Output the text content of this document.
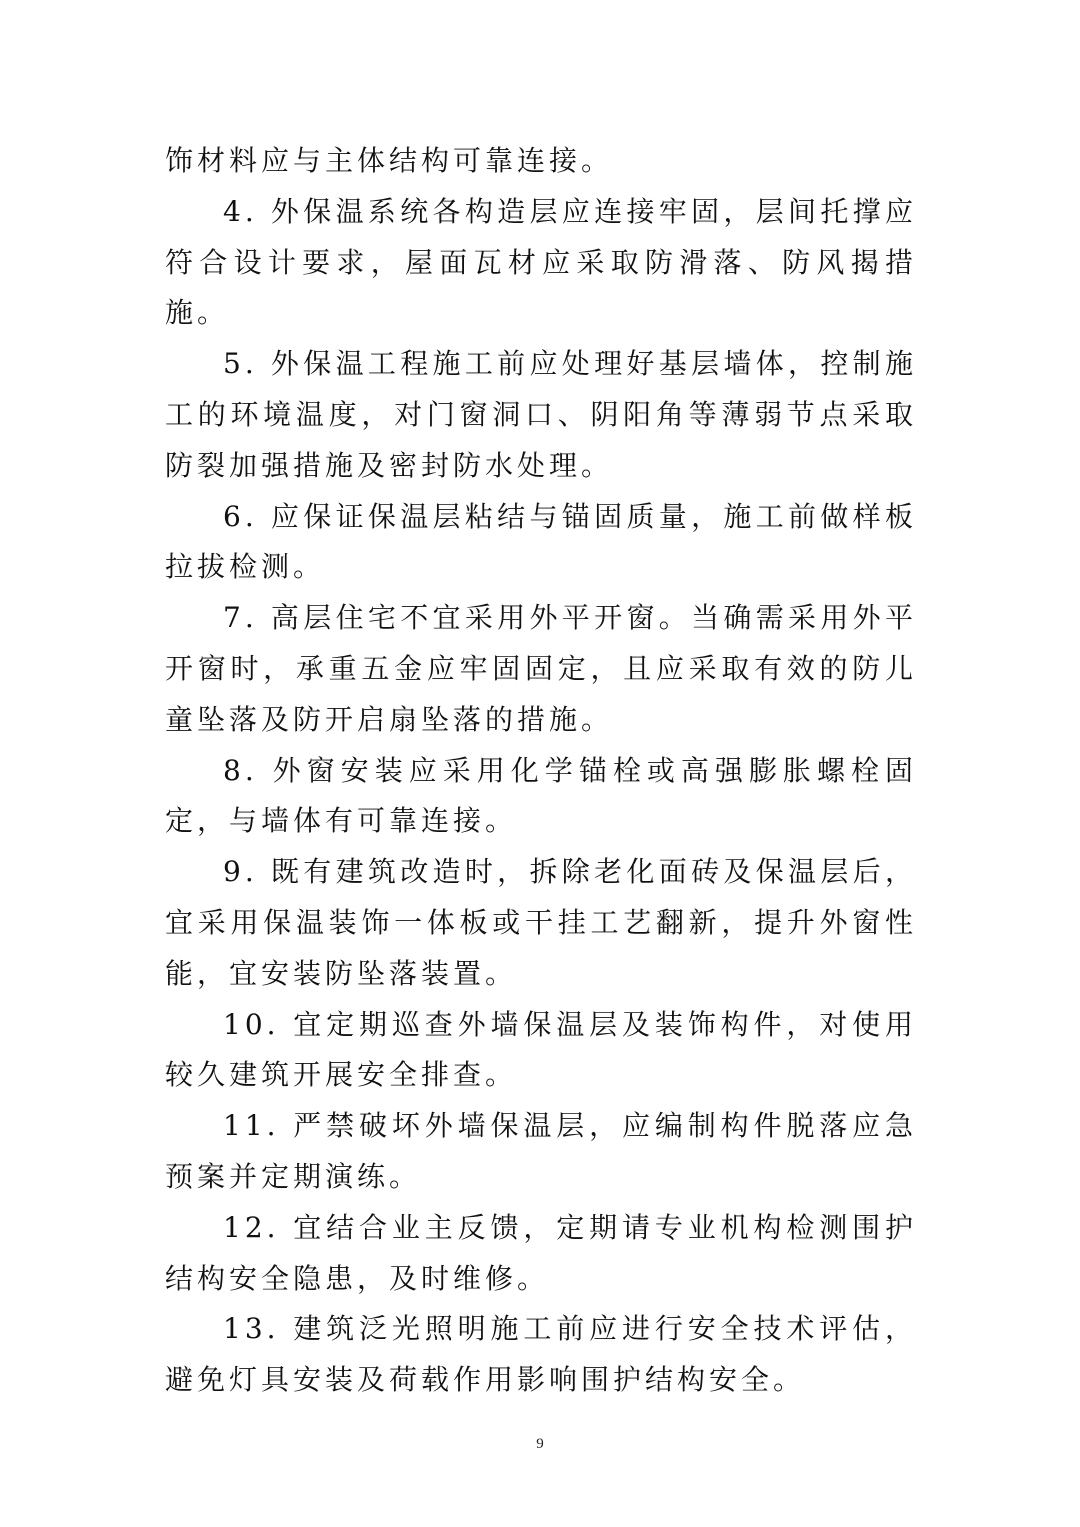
饰材料应与主体结构可靠连接。

4. 外保温系统各构造层应连接牢固，层间托撑应符合设计要求，屋面瓦材应采取防滑落、防风揭措施。

5. 外保温工程施工前应处理好基层墙体，控制施工的环境温度，对门窗洞口、阴阳角等薄弱节点采取防裂加强措施及密封防水处理。

6. 应保证保温层粘结与锚固质量，施工前做样板拉拔检测。

7. 高层住宅不宜采用外平开窗。当确需采用外平开窗时，承重五金应牢固固定，且应采取有效的防儿童坠落及防开启扇坠落的措施。

8. 外窗安装应采用化学锚栓或高强膨胀螺栓固定，与墙体有可靠连接。

9. 既有建筑改造时，拆除老化面砖及保温层后，宜采用保温装饰一体板或干挂工艺翻新，提升外窗性能，宜安装防坠落装置。

10. 宜定期巡查外墙保温层及装饰构件，对使用较久建筑开展安全排查。

11. 严禁破坏外墙保温层，应编制构件脱落应急预案并定期演练。

12. 宜结合业主反馈，定期请专业机构检测围护结构安全隐患，及时维修。

13. 建筑泛光照明施工前应进行安全技术评估，避免灯具安装及荷载作用影响围护结构安全。

9
